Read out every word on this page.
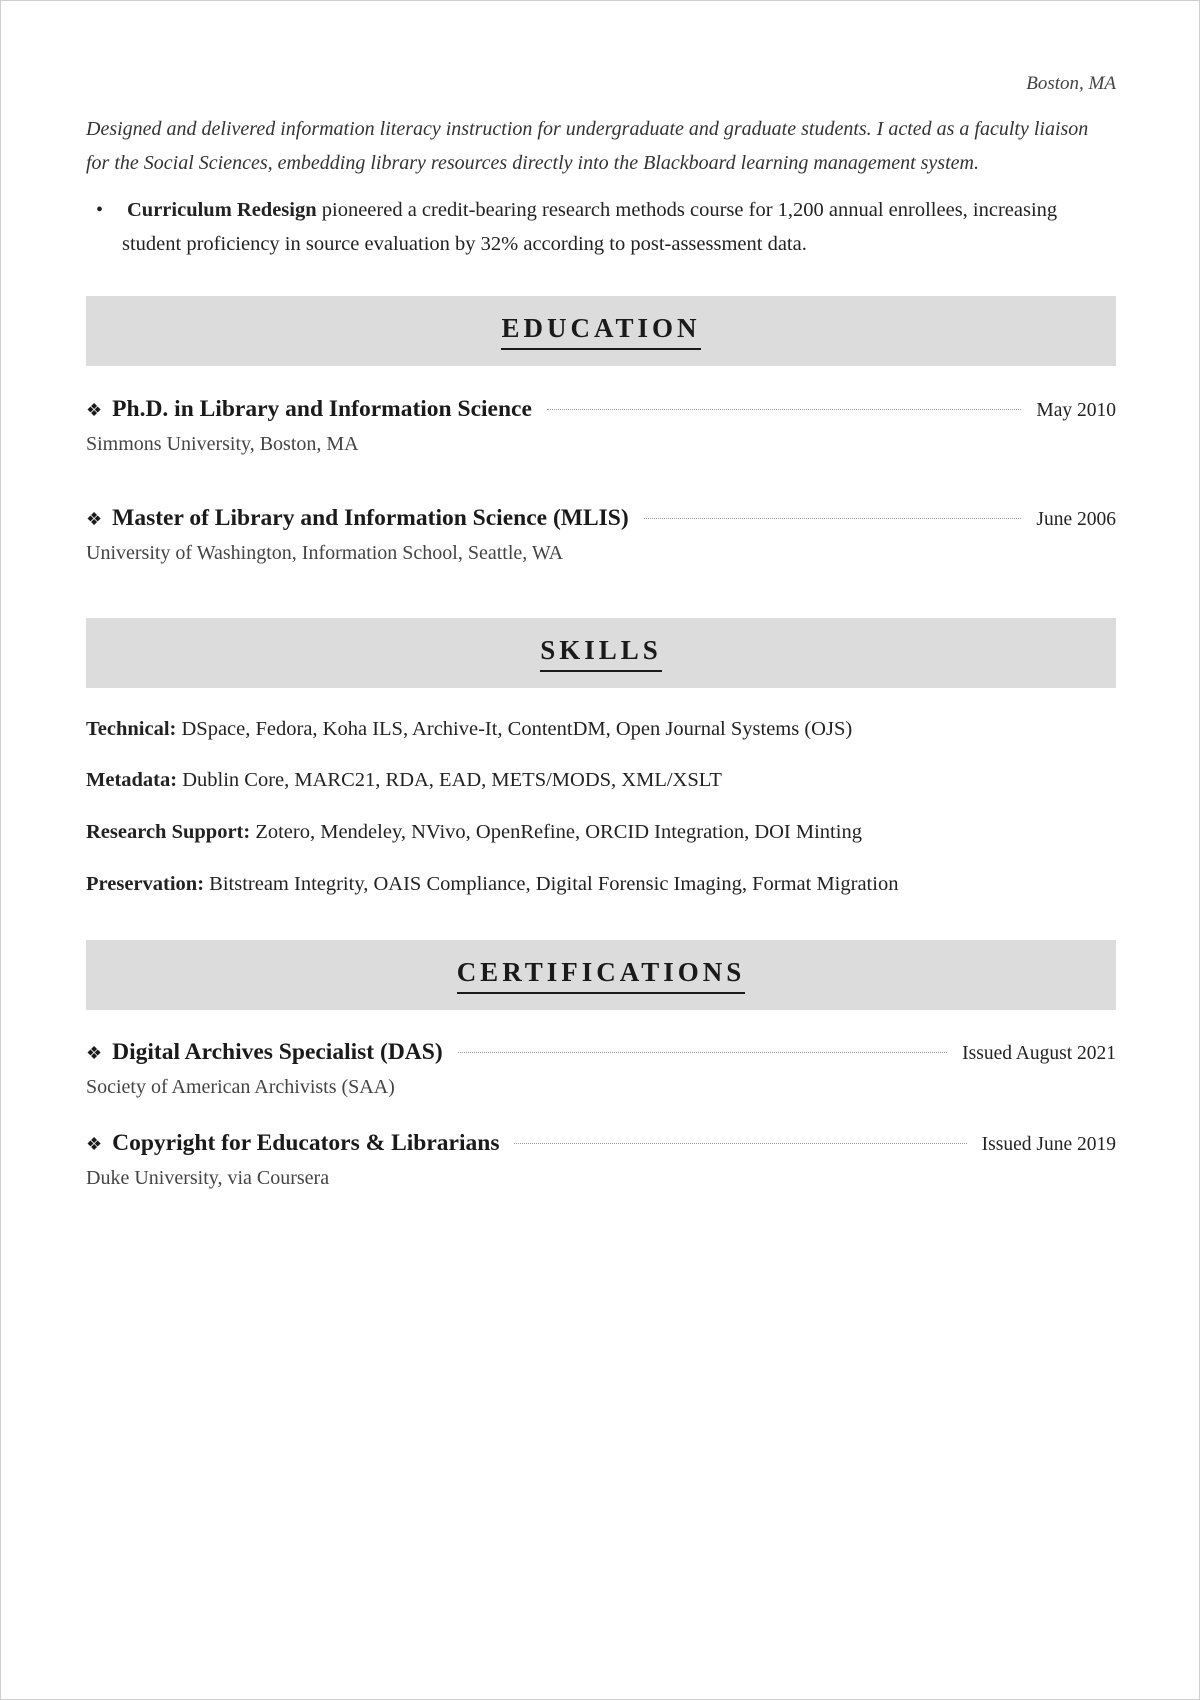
Boston, MA

Designed and delivered information literacy instruction for undergraduate and graduate students. I acted as a faculty liaison for the Social Sciences, embedding library resources directly into the Blackboard learning management system.

• Curriculum Redesign pioneered a credit-bearing research methods course for 1,200 annual enrollees, increasing student proficiency in source evaluation by 32% according to post-assessment data.

EDUCATION
❖ Ph.D. in Library and Information Science	May 2010
Simmons University, Boston, MA
❖ Master of Library and Information Science (MLIS)	June 2006
University of Washington, Information School, Seattle, WA
SKILLS
Technical: DSpace, Fedora, Koha ILS, Archive-It, ContentDM, Open Journal Systems (OJS)
Metadata: Dublin Core, MARC21, RDA, EAD, METS/MODS, XML/XSLT
Research Support: Zotero, Mendeley, NVivo, OpenRefine, ORCID Integration, DOI Minting
Preservation: Bitstream Integrity, OAIS Compliance, Digital Forensic Imaging, Format Migration
CERTIFICATIONS
❖ Digital Archives Specialist (DAS)	Issued August 2021
Society of American Archivists (SAA)
❖ Copyright for Educators & Librarians	Issued June 2019
Duke University, via Coursera
